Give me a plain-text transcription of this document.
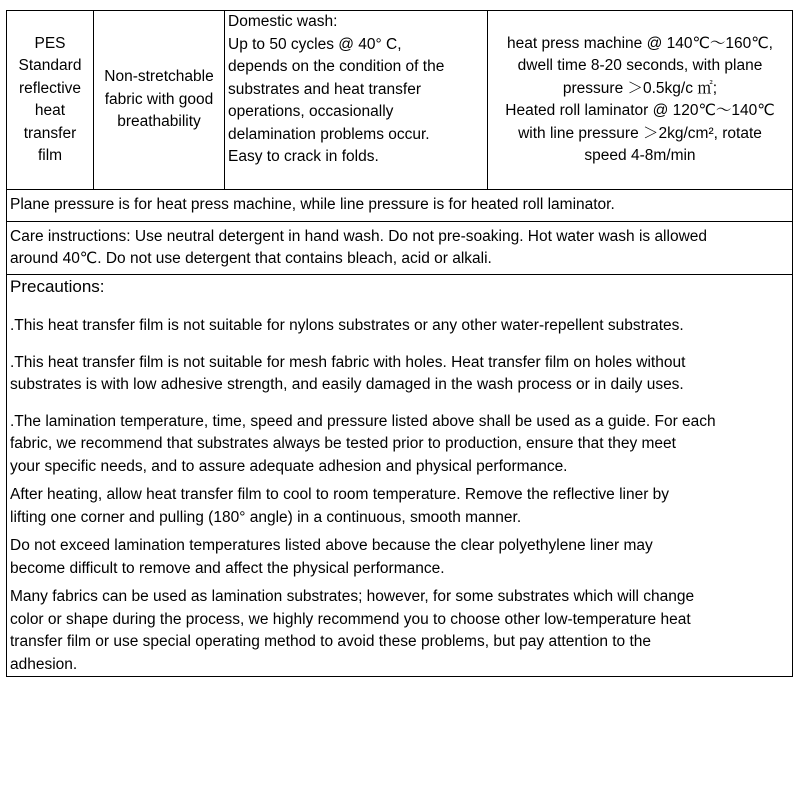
PES
Standard
reflective
heat
transfer
film

Non-stretchable
fabric with good
breathability

Domestic wash:
Up to 50 cycles @ 40° C,
depends on the condition of the
substrates and heat transfer
operations, occasionally
delamination problems occur.
Easy to crack in folds.

heat press machine @ 140℃～160℃,
dwell time 8-20 seconds, with plane
pressure ＞0.5kg/c ㎡;
Heated roll laminator @ 120℃～140℃
with line pressure ＞2kg/cm², rotate
speed 4-8m/min

Plane pressure is for heat press machine, while line pressure is for heated roll laminator.

Care instructions: Use neutral detergent in hand wash. Do not pre-soaking. Hot water wash is allowed
around 40℃. Do not use detergent that contains bleach, acid or alkali.

Precautions:
.This heat transfer film is not suitable for nylons substrates or any other water-repellent substrates.
.This heat transfer film is not suitable for mesh fabric with holes. Heat transfer film on holes without
substrates is with low adhesive strength, and easily damaged in the wash process or in daily uses.
.The lamination temperature, time, speed and pressure listed above shall be used as a guide. For each
fabric, we recommend that substrates always be tested prior to production, ensure that they meet
your specific needs, and to assure adequate adhesion and physical performance.
After heating, allow heat transfer film to cool to room temperature. Remove the reflective liner by
lifting one corner and pulling (180° angle) in a continuous, smooth manner.
Do not exceed lamination temperatures listed above because the clear polyethylene liner may
become difficult to remove and affect the physical performance.
Many fabrics can be used as lamination substrates; however, for some substrates which will change
color or shape during the process, we highly recommend you to choose other low-temperature heat
transfer film or use special operating method to avoid these problems, but pay attention to the
adhesion.
